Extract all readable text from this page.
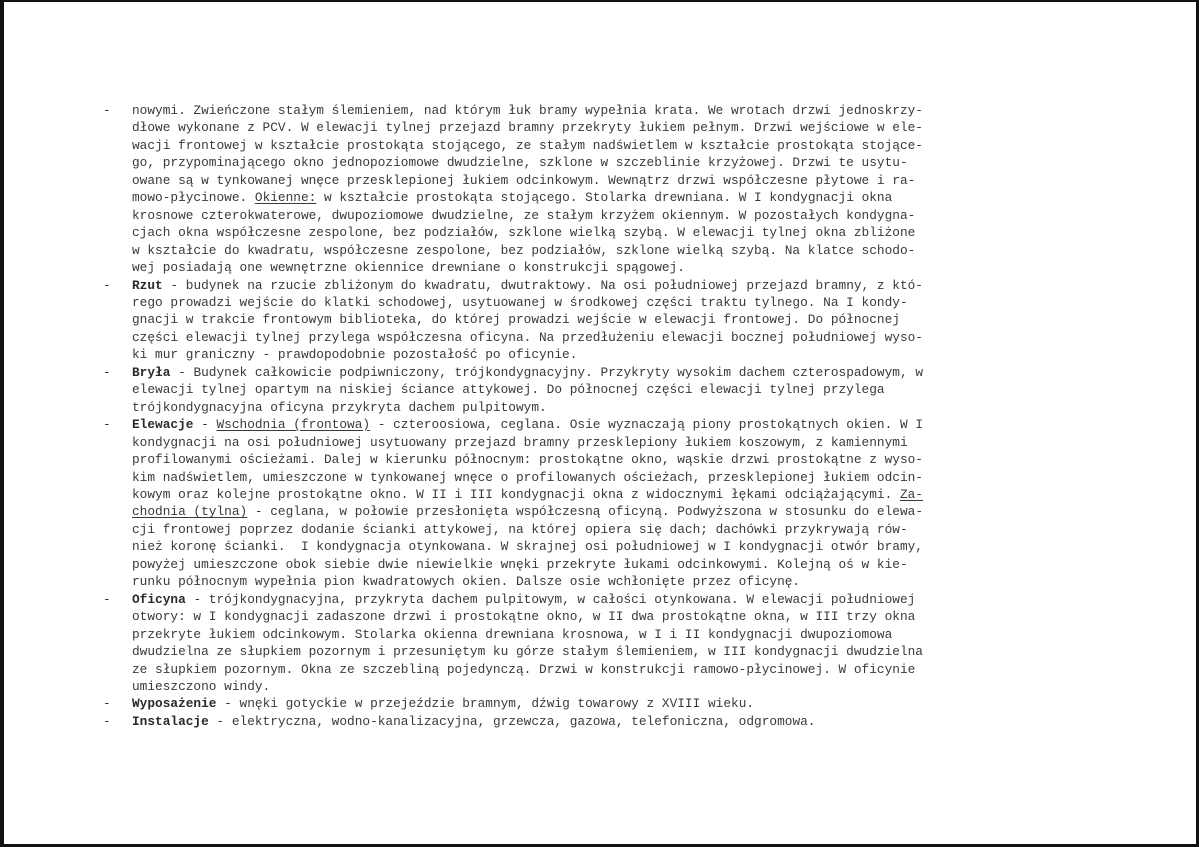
- nowymi. Zwieńczone stałym ślemieniem, nad którym łuk bramy wypełnia krata. We wrotach drzwi jednoskrzy-
dłowe wykonane z PCV. W elewacji tylnej przejazd bramny przekryty łukiem pełnym. Drzwi wejściowe w ele-
wacji frontowej w kształcie prostokąta stojącego, ze stałym nadświetlem w kształcie prostokąta stojące-
go, przypominającego okno jednopoziomowe dwudzielne, szklone w szczeblinie krzyżowej. Drzwi te usytu-
owane są w tynkowanej wnęce przesklepionej łukiem odcinkowym. Wewnątrz drzwi współczesne płytowe i ra-
mowo-płycinowe. Okienne: w kształcie prostokąta stojącego. Stolarka drewniana. W I kondygnacji okna
krosnowe czterokwaterowe, dwupoziomowe dwudzielne, ze stałym krzyżem okiennym. W pozostałych kondygna-
cjach okna współczesne zespolone, bez podziałów, szklone wielką szybą. W elewacji tylnej okna zbliżone
w kształcie do kwadratu, współczesne zespolone, bez podziałów, szklone wielką szybą. Na klatce schodo-
wej posiadają one wewnętrzne okiennice drewniane o konstrukcji spągowej.
- Rzut - budynek na rzucie zbliżonym do kwadratu, dwutraktowy. Na osi południowej przejazd bramny, z któ-
rego prowadzi wejście do klatki schodowej, usytuowanej w środkowej części traktu tylnego. Na I kondy-
gnacji w trakcie frontowym biblioteka, do której prowadzi wejście w elewacji frontowej. Do północnej
części elewacji tylnej przylega współczesna oficyna. Na przedłużeniu elewacji bocznej południowej wyso-
ki mur graniczny - prawdopodobnie pozostałość po oficynie.
- Bryła - Budynek całkowicie podpiwniczony, trójkondygnacyjny. Przykryty wysokim dachem czterospadowym, w
elewacji tylnej opartym na niskiej ściance attykowej. Do północnej części elewacji tylnej przylega
trójkondygnacyjna oficyna przykryta dachem pulpitowym.
- Elewacje - Wschodnia (frontowa) - czteroosiowa, ceglana. Osie wyznaczają piony prostokątnych okien. W I
kondygnacji na osi południowej usytuowany przejazd bramny przesklepiony łukiem koszowym, z kamiennymi
profilowanymi ościeżami. Dalej w kierunku północnym: prostokątne okno, wąskie drzwi prostokątne z wyso-
kim nadświetlem, umieszczone w tynkowanej wnęce o profilowanych ościeżach, przesklepionej łukiem odcin-
kowym oraz kolejne prostokątne okno. W II i III kondygnacji okna z widocznymi łękami odciążającymi. Za-
chodnia (tylna) - ceglana, w połowie przesłonięta współczesną oficyną. Podwyższona w stosunku do elewa-
cji frontowej poprzez dodanie ścianki attykowej, na której opiera się dach; dachówki przykrywają rów-
nież koronę ścianki.  I kondygnacja otynkowana. W skrajnej osi południowej w I kondygnacji otwór bramy,
powyżej umieszczone obok siebie dwie niewielkie wnęki przekryte łukami odcinkowymi. Kolejną oś w kie-
runku północnym wypełnia pion kwadratowych okien. Dalsze osie wchłonięte przez oficynę.
- Oficyna - trójkondygnacyjna, przykryta dachem pulpitowym, w całości otynkowana. W elewacji południowej
otwory: w I kondygnacji zadaszone drzwi i prostokątne okno, w II dwa prostokątne okna, w III trzy okna
przekryte łukiem odcinkowym. Stolarka okienna drewniana krosnowa, w I i II kondygnacji dwupoziomowa
dwudzielna ze słupkiem pozornym i przesuniętym ku górze stałym ślemieniem, w III kondygnacji dwudzielna
ze słupkiem pozornym. Okna ze szczebliną pojedynczą. Drzwi w konstrukcji ramowo-płycinowej. W oficynie
umieszczono windy.
- Wyposażenie - wnęki gotyckie w przejeździe bramnym, dźwig towarowy z XVIII wieku.
- Instalacje - elektryczna, wodno-kanalizacyjna, grzewcza, gazowa, telefoniczna, odgromowa.
